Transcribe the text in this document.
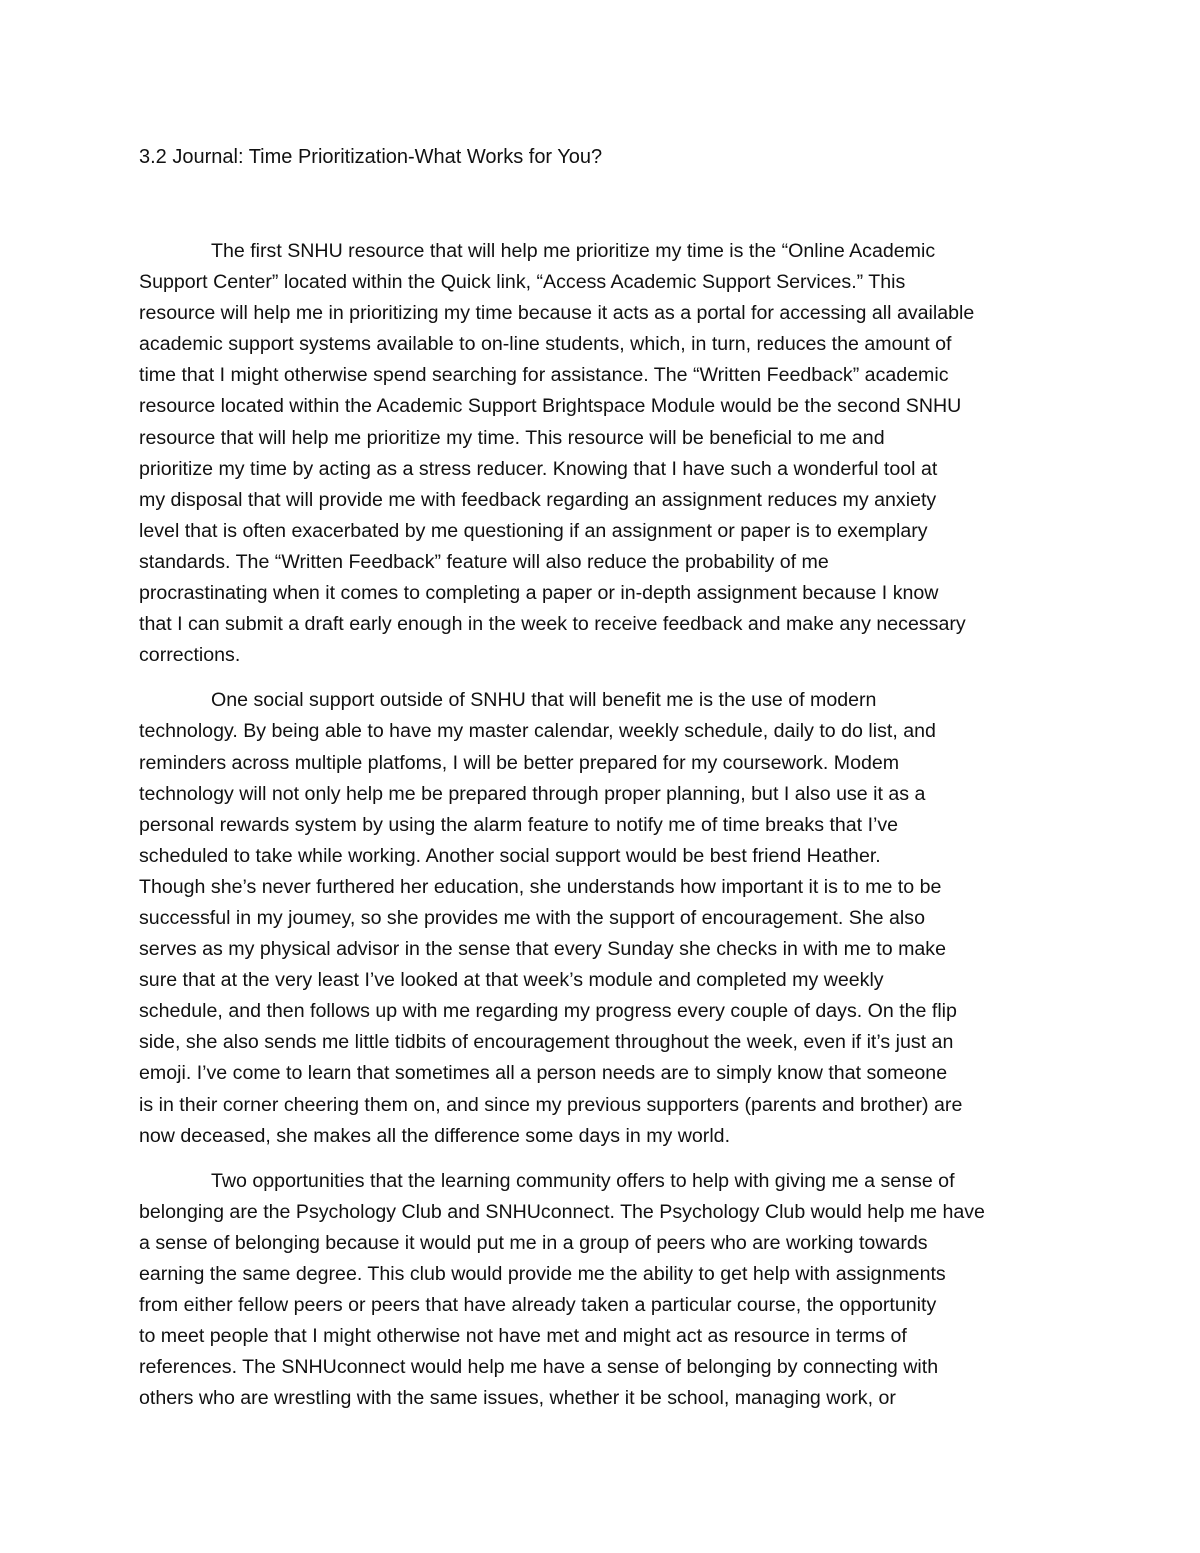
3.2 Journal: Time Prioritization-What Works for You?
The first SNHU resource that will help me prioritize my time is the “Online Academic
Support Center” located within the Quick link, “Access Academic Support Services.” This
resource will help me in prioritizing my time because it acts as a portal for accessing all available
academic support systems available to on-line students, which, in turn, reduces the amount of
time that I might otherwise spend searching for assistance. The “Written Feedback” academic
resource located within the Academic Support Brightspace Module would be the second SNHU
resource that will help me prioritize my time. This resource will be beneficial to me and
prioritize my time by acting as a stress reducer. Knowing that I have such a wonderful tool at
my disposal that will provide me with feedback regarding an assignment reduces my anxiety
level that is often exacerbated by me questioning if an assignment or paper is to exemplary
standards. The “Written Feedback” feature will also reduce the probability of me
procrastinating when it comes to completing a paper or in-depth assignment because I know
that I can submit a draft early enough in the week to receive feedback and make any necessary
corrections.
One social support outside of SNHU that will benefit me is the use of modern
technology. By being able to have my master calendar, weekly schedule, daily to do list, and
reminders across multiple platfoms, I will be better prepared for my coursework. Modem
technology will not only help me be prepared through proper planning, but I also use it as a
personal rewards system by using the alarm feature to notify me of time breaks that I’ve
scheduled to take while working. Another social support would be best friend Heather.
Though she’s never furthered her education, she understands how important it is to me to be
successful in my joumey, so she provides me with the support of encouragement. She also
serves as my physical advisor in the sense that every Sunday she checks in with me to make
sure that at the very least I’ve looked at that week’s module and completed my weekly
schedule, and then follows up with me regarding my progress every couple of days. On the flip
side, she also sends me little tidbits of encouragement throughout the week, even if it’s just an
emoji. I’ve come to learn that sometimes all a person needs are to simply know that someone
is in their corner cheering them on, and since my previous supporters (parents and brother) are
now deceased, she makes all the difference some days in my world.
Two opportunities that the learning community offers to help with giving me a sense of
belonging are the Psychology Club and SNHUconnect. The Psychology Club would help me have
a sense of belonging because it would put me in a group of peers who are working towards
earning the same degree. This club would provide me the ability to get help with assignments
from either fellow peers or peers that have already taken a particular course, the opportunity
to meet people that I might otherwise not have met and might act as resource in terms of
references. The SNHUconnect would help me have a sense of belonging by connecting with
others who are wrestling with the same issues, whether it be school, managing work, or
